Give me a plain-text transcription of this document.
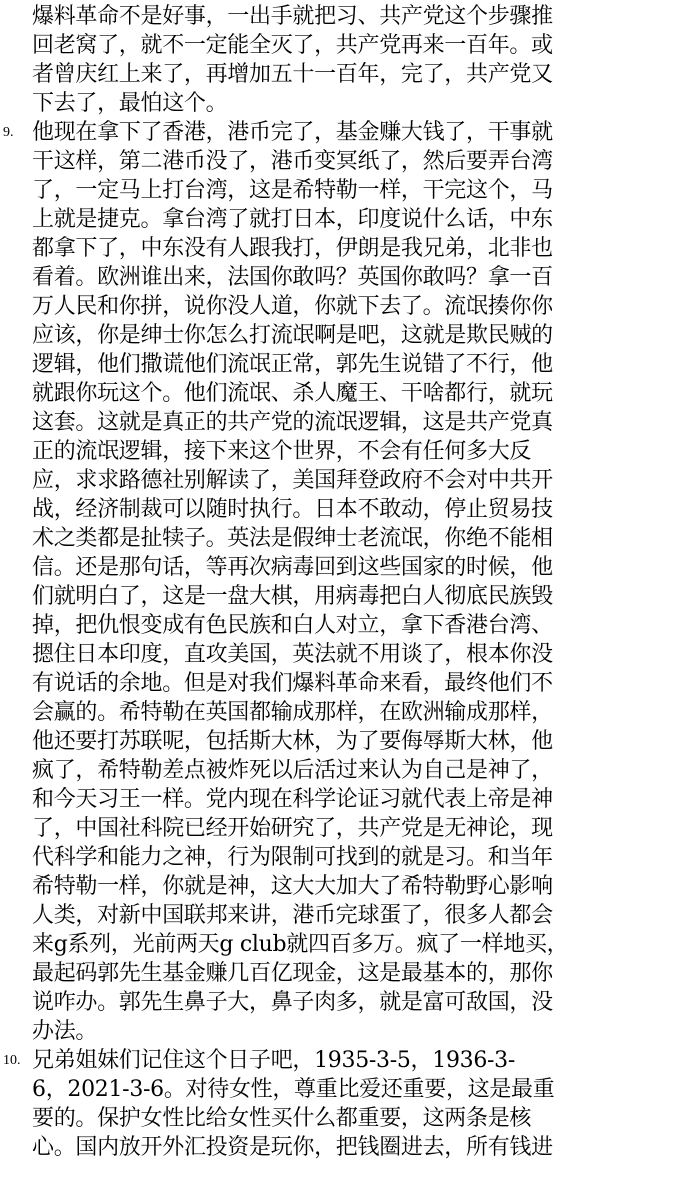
爆料革命不是好事，一出手就把习、共产党这个步骤推
回老窝了，就不一定能全灭了，共产党再来一百年。或
者曾庆红上来了，再增加五十一百年，完了，共产党又
下去了，最怕这个。
9. 他现在拿下了香港，港币完了，基金赚大钱了，干事就
干这样，第二港币没了，港币变冥纸了，然后要弄台湾
了，一定马上打台湾，这是希特勒一样，干完这个，马
上就是捷克。拿台湾了就打日本，印度说什么话，中东
都拿下了，中东没有人跟我打，伊朗是我兄弟，北非也
看着。欧洲谁出来，法国你敢吗？英国你敢吗？拿一百
万人民和你拼，说你没人道，你就下去了。流氓揍你你
应该，你是绅士你怎么打流氓啊是吧，这就是欺民贼的
逻辑，他们撒谎他们流氓正常，郭先生说错了不行，他
就跟你玩这个。他们流氓、杀人魔王、干啥都行，就玩
这套。这就是真正的共产党的流氓逻辑，这是共产党真
正的流氓逻辑，接下来这个世界，不会有任何多大反
应，求求路德社别解读了，美国拜登政府不会对中共开
战，经济制裁可以随时执行。日本不敢动，停止贸易技
术之类都是扯犊子。英法是假绅士老流氓，你绝不能相
信。还是那句话，等再次病毒回到这些国家的时候，他
们就明白了，这是一盘大棋，用病毒把白人彻底民族毁
掉，把仇恨变成有色民族和白人对立，拿下香港台湾、
摁住日本印度，直攻美国，英法就不用谈了，根本你没
有说话的余地。但是对我们爆料革命来看，最终他们不
会赢的。希特勒在英国都输成那样，在欧洲输成那样，
他还要打苏联呢，包括斯大林，为了要侮辱斯大林，他
疯了，希特勒差点被炸死以后活过来认为自己是神了，
和今天习王一样。党内现在科学论证习就代表上帝是神
了，中国社科院已经开始研究了，共产党是无神论，现
代科学和能力之神，行为限制可找到的就是习。和当年
希特勒一样，你就是神，这大大加大了希特勒野心影响
人类，对新中国联邦来讲，港币完球蛋了，很多人都会
来g系列，光前两天g club就四百多万。疯了一样地买，
最起码郭先生基金赚几百亿现金，这是最基本的，那你
说咋办。郭先生鼻子大，鼻子肉多，就是富可敌国，没
办法。
10. 兄弟姐妹们记住这个日子吧，1935-3-5，1936-3-
6，2021-3-6。对待女性，尊重比爱还重要，这是最重
要的。保护女性比给女性买什么都重要，这两条是核
心。国内放开外汇投资是玩你，把钱圈进去，所有钱进
